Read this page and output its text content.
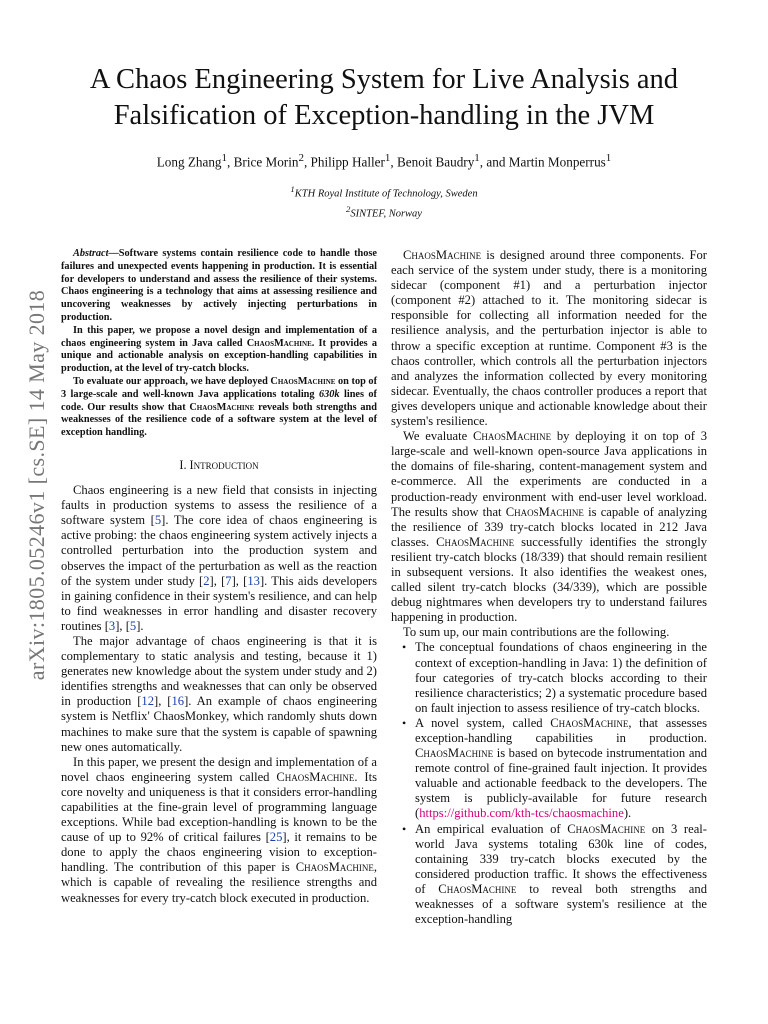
A Chaos Engineering System for Live Analysis and
Falsification of Exception-handling in the JVM
Long Zhang$^1$, Brice Morin$^2$, Philipp Haller$^1$, Benoit Baudry$^1$, and Martin Monperrus$^1$
$^1$KTH Royal Institute of Technology, Sweden
$^2$SINTEF, Norway
arXiv:1805.05246v1 [cs.SE] 14 May 2018

Abstract—Software systems contain resilience code to handle those failures and unexpected events happening in production. It is essential for developers to understand and assess the resilience of their systems. Chaos engineering is a technology that aims at assessing resilience and uncovering weaknesses by actively injecting perturbations in production.

In this paper, we propose a novel design and implementation of a chaos engineering system in Java called ChaosMachine. It provides a unique and actionable analysis on exception-handling capabilities in production, at the level of try-catch blocks.

To evaluate our approach, we have deployed ChaosMachine on top of 3 large-scale and well-known Java applications totaling 630k lines of code. Our results show that ChaosMachine reveals both strengths and weaknesses of the resilience code of a software system at the level of exception handling.

I. Introduction

Chaos engineering is a new field that consists in injecting faults in production systems to assess the resilience of a software system [5]. The core idea of chaos engineering is active probing: the chaos engineering system actively injects a controlled perturbation into the production system and observes the impact of the perturbation as well as the reaction of the system under study [2], [7], [13]. This aids developers in gaining confidence in their system's resilience, and can help to find weaknesses in error handling and disaster recovery routines [3], [5].

The major advantage of chaos engineering is that it is complementary to static analysis and testing, because it 1) generates new knowledge about the system under study and 2) identifies strengths and weaknesses that can only be observed in production [12], [16]. An example of chaos engineering system is Netflix' ChaosMonkey, which randomly shuts down machines to make sure that the system is capable of spawning new ones automatically.

In this paper, we present the design and implementation of a novel chaos engineering system called ChaosMachine. Its core novelty and uniqueness is that it considers error-handling capabilities at the fine-grain level of programming language exceptions. While bad exception-handling is known to be the cause of up to 92% of critical failures [25], it remains to be done to apply the chaos engineering vision to exception-handling. The contribution of this paper is ChaosMachine, which is capable of revealing the resilience strengths and weaknesses for every try-catch block executed in production.

ChaosMachine is designed around three components. For each service of the system under study, there is a monitoring sidecar (component #1) and a perturbation injector (component #2) attached to it. The monitoring sidecar is responsible for collecting all information needed for the resilience analysis, and the perturbation injector is able to throw a specific exception at runtime. Component #3 is the chaos controller, which controls all the perturbation injectors and analyzes the information collected by every monitoring sidecar. Eventually, the chaos controller produces a report that gives developers unique and actionable knowledge about their system's resilience.

We evaluate ChaosMachine by deploying it on top of 3 large-scale and well-known open-source Java applications in the domains of file-sharing, content-management system and e-commerce. All the experiments are conducted in a production-ready environment with end-user level workload. The results show that ChaosMachine is capable of analyzing the resilience of 339 try-catch blocks located in 212 Java classes. ChaosMachine successfully identifies the strongly resilient try-catch blocks (18/339) that should remain resilient in subsequent versions. It also identifies the weakest ones, called silent try-catch blocks (34/339), which are possible debug nightmares when developers try to understand failures happening in production.

To sum up, our main contributions are the following.

• The conceptual foundations of chaos engineering in the context of exception-handling in Java: 1) the definition of four categories of try-catch blocks according to their resilience characteristics; 2) a systematic procedure based on fault injection to assess resilience of try-catch blocks.
• A novel system, called ChaosMachine, that assesses exception-handling capabilities in production. ChaosMachine is based on bytecode instrumentation and remote control of fine-grained fault injection. It provides valuable and actionable feedback to the developers. The system is publicly-available for future research (https://github.com/kth-tcs/chaosmachine).
• An empirical evaluation of ChaosMachine on 3 real-world Java systems totaling 630k line of codes, containing 339 try-catch blocks executed by the considered production traffic. It shows the effectiveness of ChaosMachine to reveal both strengths and weaknesses of a software system's resilience at the exception-handling
